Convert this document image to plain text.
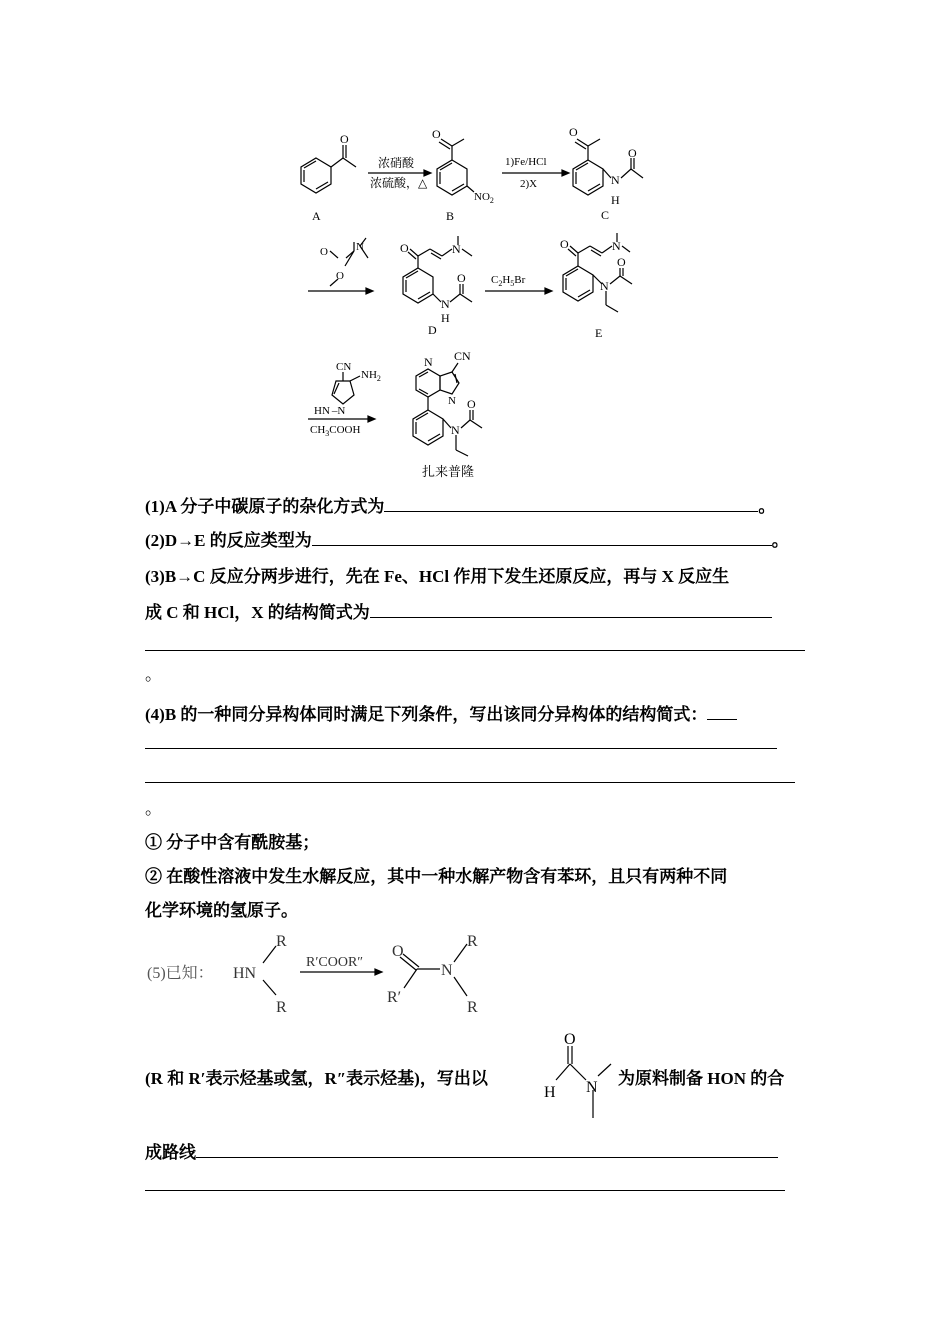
O
A
浓硝酸
浓硫酸，△
O
$NO_2$
B
1)Fe/HCl
2)X
O
O
N
H
C
O
O
N	O	N
O
N
H
D
$C_2H_5Br$
O	N
O
N
E
CN
$NH_2$
HN –N
$CH_3COOH$
N CN
N O
N
扎来普隆
(1)A 分子中碳原子的杂化方式为	。
(2)D→E 的反应类型为	。
(3)B→C 反应分两步进行，先在 Fe、HCl 作用下发生还原反应，再与 X 反应生
成 C 和 HCl，X 的结构简式为
。
(4)B 的一种同分异构体同时满足下列条件，写出该同分异构体的结构简式：
。
① 分子中含有酰胺基；
② 在酸性溶液中发生水解反应，其中一种水解产物含有苯环，且只有两种不同
化学环境的氢原子。
(5)已知： HN
R
R
R′COOR″
O
R′
N
R
R
(R 和 R′表示烃基或氢，R″表示烃基)，写出以
O
H N 为原料制备 HON 的合
成路线
